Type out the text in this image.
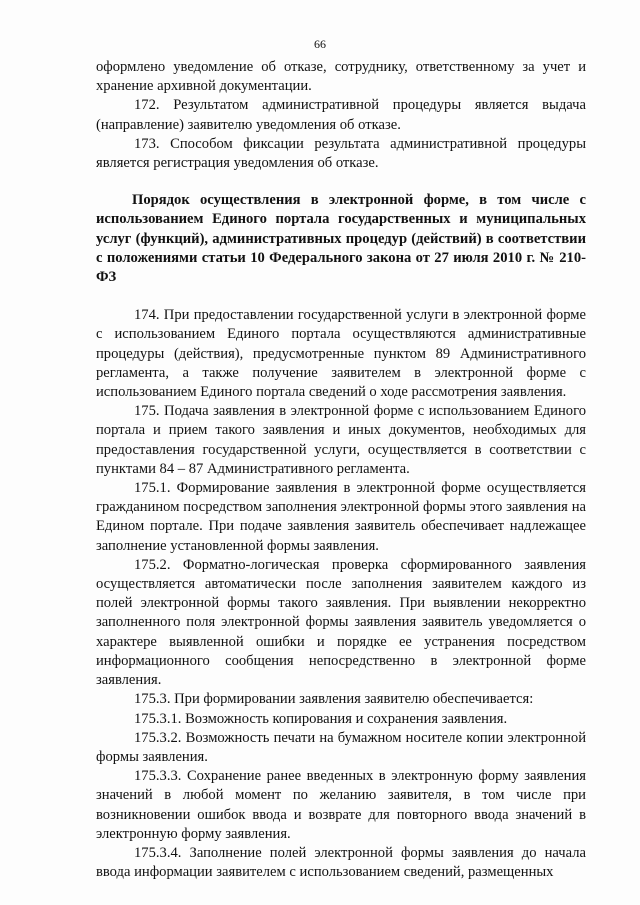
66

оформлено уведомление об отказе, сотруднику, ответственному за учет и хранение архивной документации.

172. Результатом административной процедуры является выдача (направление) заявителю уведомления об отказе.

173. Способом фиксации результата административной процедуры является регистрация уведомления об отказе.

Порядок осуществления в электронной форме, в том числе с использованием Единого портала государственных и муниципальных услуг (функций), административных процедур (действий) в соответствии с положениями статьи 10 Федерального закона от 27 июля 2010 г. № 210-ФЗ

174. При предоставлении государственной услуги в электронной форме с использованием Единого портала осуществляются административные процедуры (действия), предусмотренные пунктом 89 Административного регламента, а также получение заявителем в электронной форме с использованием Единого портала сведений о ходе рассмотрения заявления.

175. Подача заявления в электронной форме с использованием Единого портала и прием такого заявления и иных документов, необходимых для предоставления государственной услуги, осуществляется в соответствии с пунктами 84 – 87 Административного регламента.

175.1. Формирование заявления в электронной форме осуществляется гражданином посредством заполнения электронной формы этого заявления на Едином портале. При подаче заявления заявитель обеспечивает надлежащее заполнение установленной формы заявления.

175.2. Форматно-логическая проверка сформированного заявления осуществляется автоматически после заполнения заявителем каждого из полей электронной формы такого заявления. При выявлении некорректно заполненного поля электронной формы заявления заявитель уведомляется о характере выявленной ошибки и порядке ее устранения посредством информационного сообщения непосредственно в электронной форме заявления.

175.3. При формировании заявления заявителю обеспечивается:

175.3.1. Возможность копирования и сохранения заявления.

175.3.2. Возможность печати на бумажном носителе копии электронной формы заявления.

175.3.3. Сохранение ранее введенных в электронную форму заявления значений в любой момент по желанию заявителя, в том числе при возникновении ошибок ввода и возврате для повторного ввода значений в электронную форму заявления.

175.3.4. Заполнение полей электронной формы заявления до начала ввода информации заявителем с использованием сведений, размещенных
